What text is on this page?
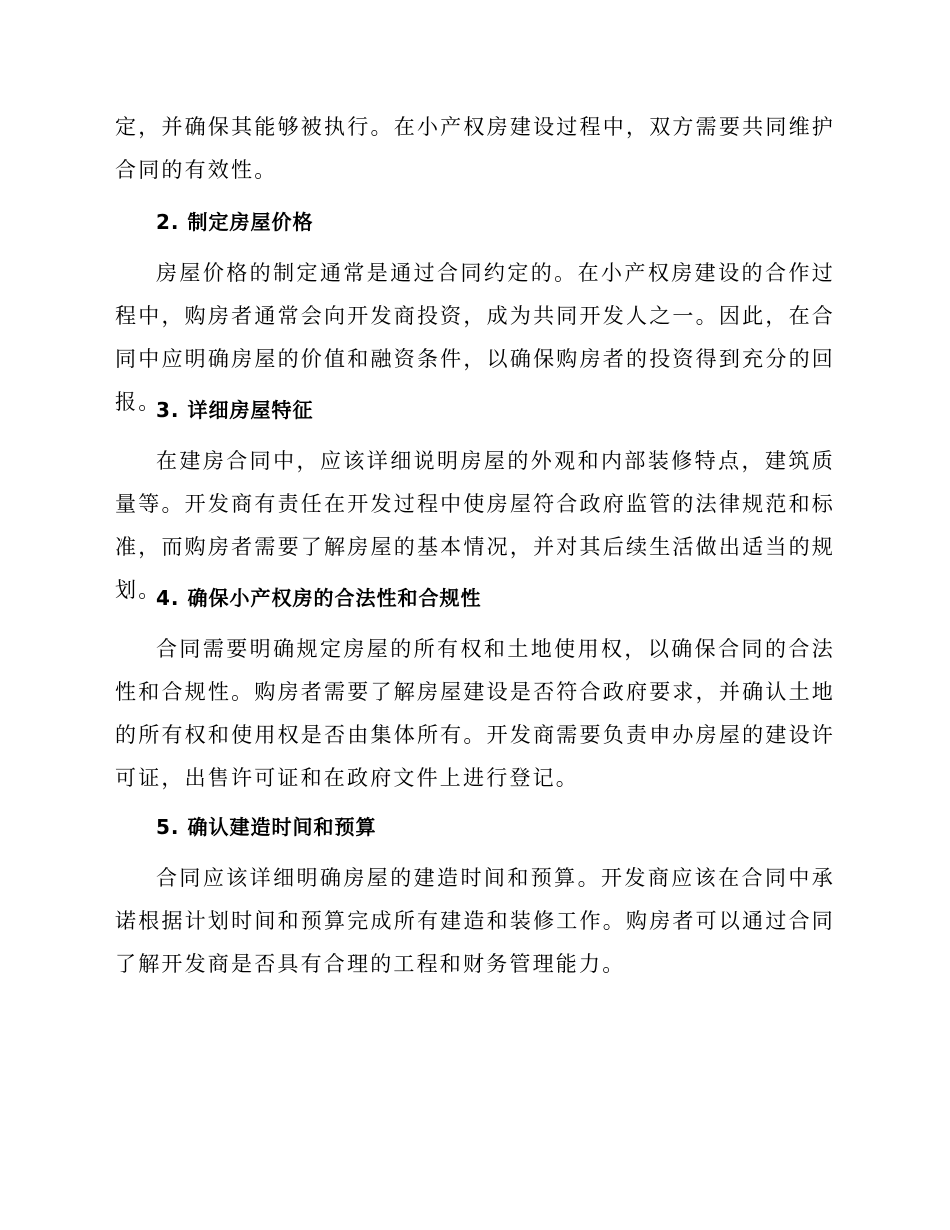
定，并确保其能够被执行。在小产权房建设过程中，双方需要共同维护合同的有效性。

2. 制定房屋价格

房屋价格的制定通常是通过合同约定的。在小产权房建设的合作过程中，购房者通常会向开发商投资，成为共同开发人之一。因此，在合同中应明确房屋的价值和融资条件，以确保购房者的投资得到充分的回报。

3. 详细房屋特征

在建房合同中，应该详细说明房屋的外观和内部装修特点，建筑质量等。开发商有责任在开发过程中使房屋符合政府监管的法律规范和标准，而购房者需要了解房屋的基本情况，并对其后续生活做出适当的规划。

4. 确保小产权房的合法性和合规性

合同需要明确规定房屋的所有权和土地使用权，以确保合同的合法性和合规性。购房者需要了解房屋建设是否符合政府要求，并确认土地的所有权和使用权是否由集体所有。开发商需要负责申办房屋的建设许可证，出售许可证和在政府文件上进行登记。

5. 确认建造时间和预算

合同应该详细明确房屋的建造时间和预算。开发商应该在合同中承诺根据计划时间和预算完成所有建造和装修工作。购房者可以通过合同了解开发商是否具有合理的工程和财务管理能力。
